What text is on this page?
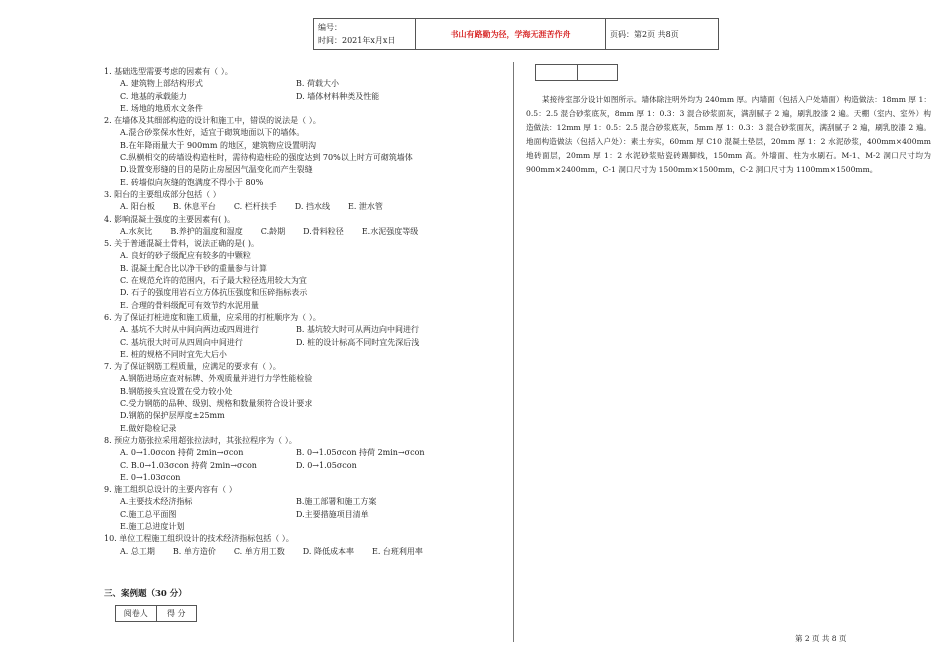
编号：
时间：2021年x月x日
书山有路勤为径，学海无涯苦作舟	页码：第2页 共8页
1. 基础选型需要考虑的因素有（ ）。
A. 建筑物上部结构形式	B. 荷载大小
C. 地基的承载能力	D. 墙体材料种类及性能
E. 场地的地质水文条件
2. 在墙体及其细部构造的设计和施工中，错误的说法是（ ）。
A.混合砂浆保水性好，适宜于砌筑地面以下的墙体。
B.在年降雨量大于 900mm 的地区，建筑物应设置明沟
C.纵横相交的砖墙设构造柱时，需待构造柱砼的强度达到 70%以上时方可砌筑墙体
D.设置变形缝的目的是防止房屋因气温变化而产生裂缝
E. 砖墙似向灰缝的饱满度不得小于 80%
3. 阳台的主要组成部分包括（ ）
A. 阳台板 B. 休息平台 C. 栏杆扶手 D. 挡水线 E. 泄水管
4. 影响混凝土强度的主要因素有( )。
A.水灰比 B.养护的温度和湿度 C.龄期 D.骨料粒径 E.水泥强度等级
5. 关于普通混凝土骨料，说法正确的是( )。
A. 良好的砂子级配应有较多的中颗粒
B. 混凝土配合比以净干砂的重量参与计算
C. 在规范允许的范围内，石子最大粒径选用较大为宜
D. 石子的强度用岩石立方体抗压强度和压碎指标表示
E. 合理的骨料级配可有效节约水泥用量
6. 为了保证打桩进度和施工质量，应采用的打桩顺序为（ ）。
A. 基坑不大时从中间向两边或四周进行	B. 基坑较大时可从两边向中间进行
C. 基坑很大时可从四周向中间进行	D. 桩的设计标高不同时宜先深后浅
E. 桩的规格不同时宜先大后小
7. 为了保证钢筋工程质量，应满足的要求有（ ）。
A.钢筋进场应查对标牌、外观质量并进行力学性能检验
B.钢筋接头宜设置在受力较小处
C.受力钢筋的品种、级别、规格和数量须符合设计要求
D.钢筋的保护层厚度±25mm
E.做好隐检记录
8. 预应力筋张拉采用超张拉法时，其张拉程序为（ ）。
A. 0→1.0σcon 持荷 2min→σcon	B. 0→1.05σcon 持荷 2min→σcon
C. B.0→1.03σcon 持荷 2min→σcon	D. 0→1.05σcon
E. 0→1.03σcon
9. 施工组织总设计的主要内容有（ ）
A.主要技术经济指标	B.施工部署和施工方案
C.施工总平面图	D.主要措施项目清单
E.施工总进度计划
10. 单位工程施工组织设计的技术经济指标包括（ ）。
A. 总工期 B. 单方造价 C. 单方用工数 D. 降低成本率 E. 台班利用率
三、案例题（30 分）
阅卷人	得 分
某接待室部分设计如图所示。墙体除注明外均为 240mm 厚。内墙面（包括入户处墙面）构造做法：18mm 厚 1：0.5：2.5 混合砂浆底灰，8mm 厚 1：0.3：3 混合砂浆面灰，满刮腻子 2 遍，刷乳胶漆 2 遍。天棚（室内、室外）构造做法：12mm 厚 1：0.5：2.5 混合砂浆底灰，5mm 厚 1：0.3：3 混合砂浆面灰，满刮腻子 2 遍，刷乳胶漆 2 遍。地面构造做法（包括入户处）：素土夯实，60mm 厚 C10 混凝土垫层，20mm 厚 1：2 水泥砂浆，400mm×400mm 地砖面层，20mm 厚 1：2 水泥砂浆贴瓷砖踢脚线，150mm 高。外墙面、柱为水刷石。M-1、M-2 洞口尺寸均为 900mm×2400mm，C-1 洞口尺寸为 1500mm×1500mm，C-2 洞口尺寸为 1100mm×1500mm。
第 2 页 共 8 页
